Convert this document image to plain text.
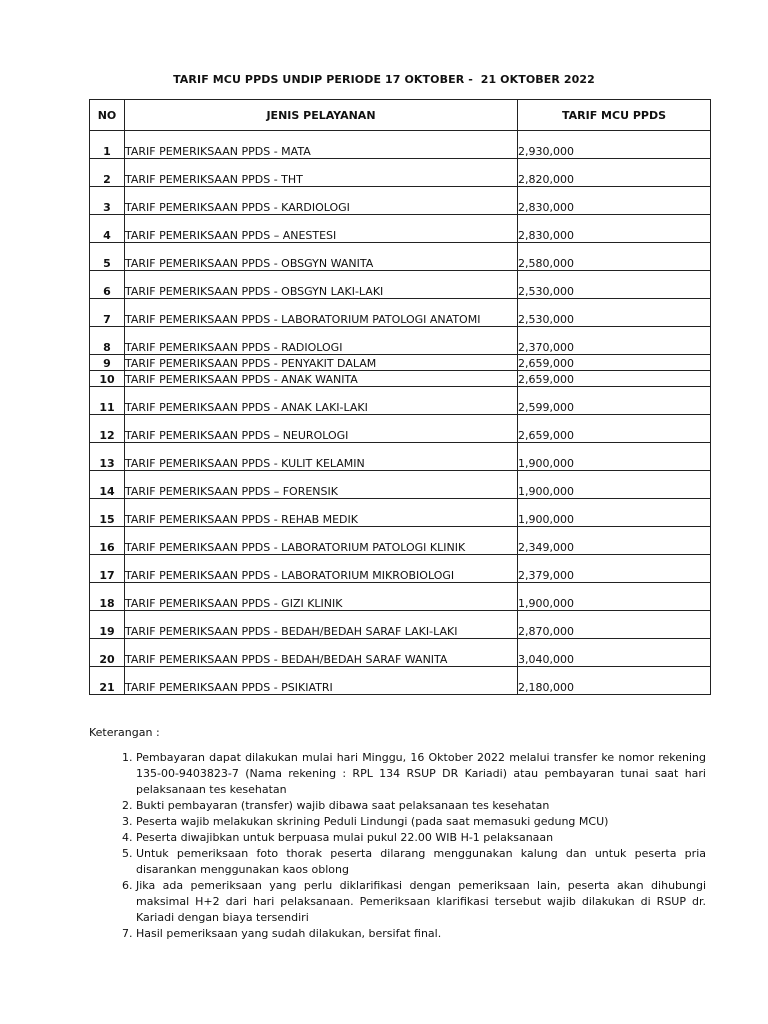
TARIF MCU PPDS UNDIP PERIODE 17 OKTOBER -  21 OKTOBER 2022
NO	JENIS PELAYANAN	TARIF MCU PPDS
1	TARIF PEMERIKSAAN PPDS - MATA	2,930,000
2	TARIF PEMERIKSAAN PPDS - THT	2,820,000
3	TARIF PEMERIKSAAN PPDS - KARDIOLOGI	2,830,000
4	TARIF PEMERIKSAAN PPDS – ANESTESI	2,830,000
5	TARIF PEMERIKSAAN PPDS - OBSGYN WANITA	2,580,000
6	TARIF PEMERIKSAAN PPDS - OBSGYN LAKI-LAKI	2,530,000
7	TARIF PEMERIKSAAN PPDS - LABORATORIUM PATOLOGI ANATOMI	2,530,000
8	TARIF PEMERIKSAAN PPDS - RADIOLOGI	2,370,000
9	TARIF PEMERIKSAAN PPDS - PENYAKIT DALAM	2,659,000
10	TARIF PEMERIKSAAN PPDS - ANAK WANITA	2,659,000
11	TARIF PEMERIKSAAN PPDS - ANAK LAKI-LAKI	2,599,000
12	TARIF PEMERIKSAAN PPDS – NEUROLOGI	2,659,000
13	TARIF PEMERIKSAAN PPDS - KULIT KELAMIN	1,900,000
14	TARIF PEMERIKSAAN PPDS – FORENSIK	1,900,000
15	TARIF PEMERIKSAAN PPDS - REHAB MEDIK	1,900,000
16	TARIF PEMERIKSAAN PPDS - LABORATORIUM PATOLOGI KLINIK	2,349,000
17	TARIF PEMERIKSAAN PPDS - LABORATORIUM MIKROBIOLOGI	2,379,000
18	TARIF PEMERIKSAAN PPDS - GIZI KLINIK	1,900,000
19	TARIF PEMERIKSAAN PPDS - BEDAH/BEDAH SARAF LAKI-LAKI	2,870,000
20	TARIF PEMERIKSAAN PPDS - BEDAH/BEDAH SARAF WANITA	3,040,000
21	TARIF PEMERIKSAAN PPDS - PSIKIATRI	2,180,000
Keterangan :
1. Pembayaran dapat dilakukan mulai hari Minggu, 16 Oktober 2022 melalui transfer ke nomor rekening 135-00-9403823-7 (Nama rekening : RPL 134 RSUP DR Kariadi) atau pembayaran tunai saat hari pelaksanaan tes kesehatan
2. Bukti pembayaran (transfer) wajib dibawa saat pelaksanaan tes kesehatan
3. Peserta wajib melakukan skrining Peduli Lindungi (pada saat memasuki gedung MCU)
4. Peserta diwajibkan untuk berpuasa mulai pukul 22.00 WIB H-1 pelaksanaan
5. Untuk pemeriksaan foto thorak peserta dilarang menggunakan kalung dan untuk peserta pria disarankan menggunakan kaos oblong
6. Jika ada pemeriksaan yang perlu diklarifikasi dengan pemeriksaan lain, peserta akan dihubungi maksimal H+2 dari hari pelaksanaan. Pemeriksaan klarifikasi tersebut wajib dilakukan di RSUP dr. Kariadi dengan biaya tersendiri
7. Hasil pemeriksaan yang sudah dilakukan, bersifat final.
